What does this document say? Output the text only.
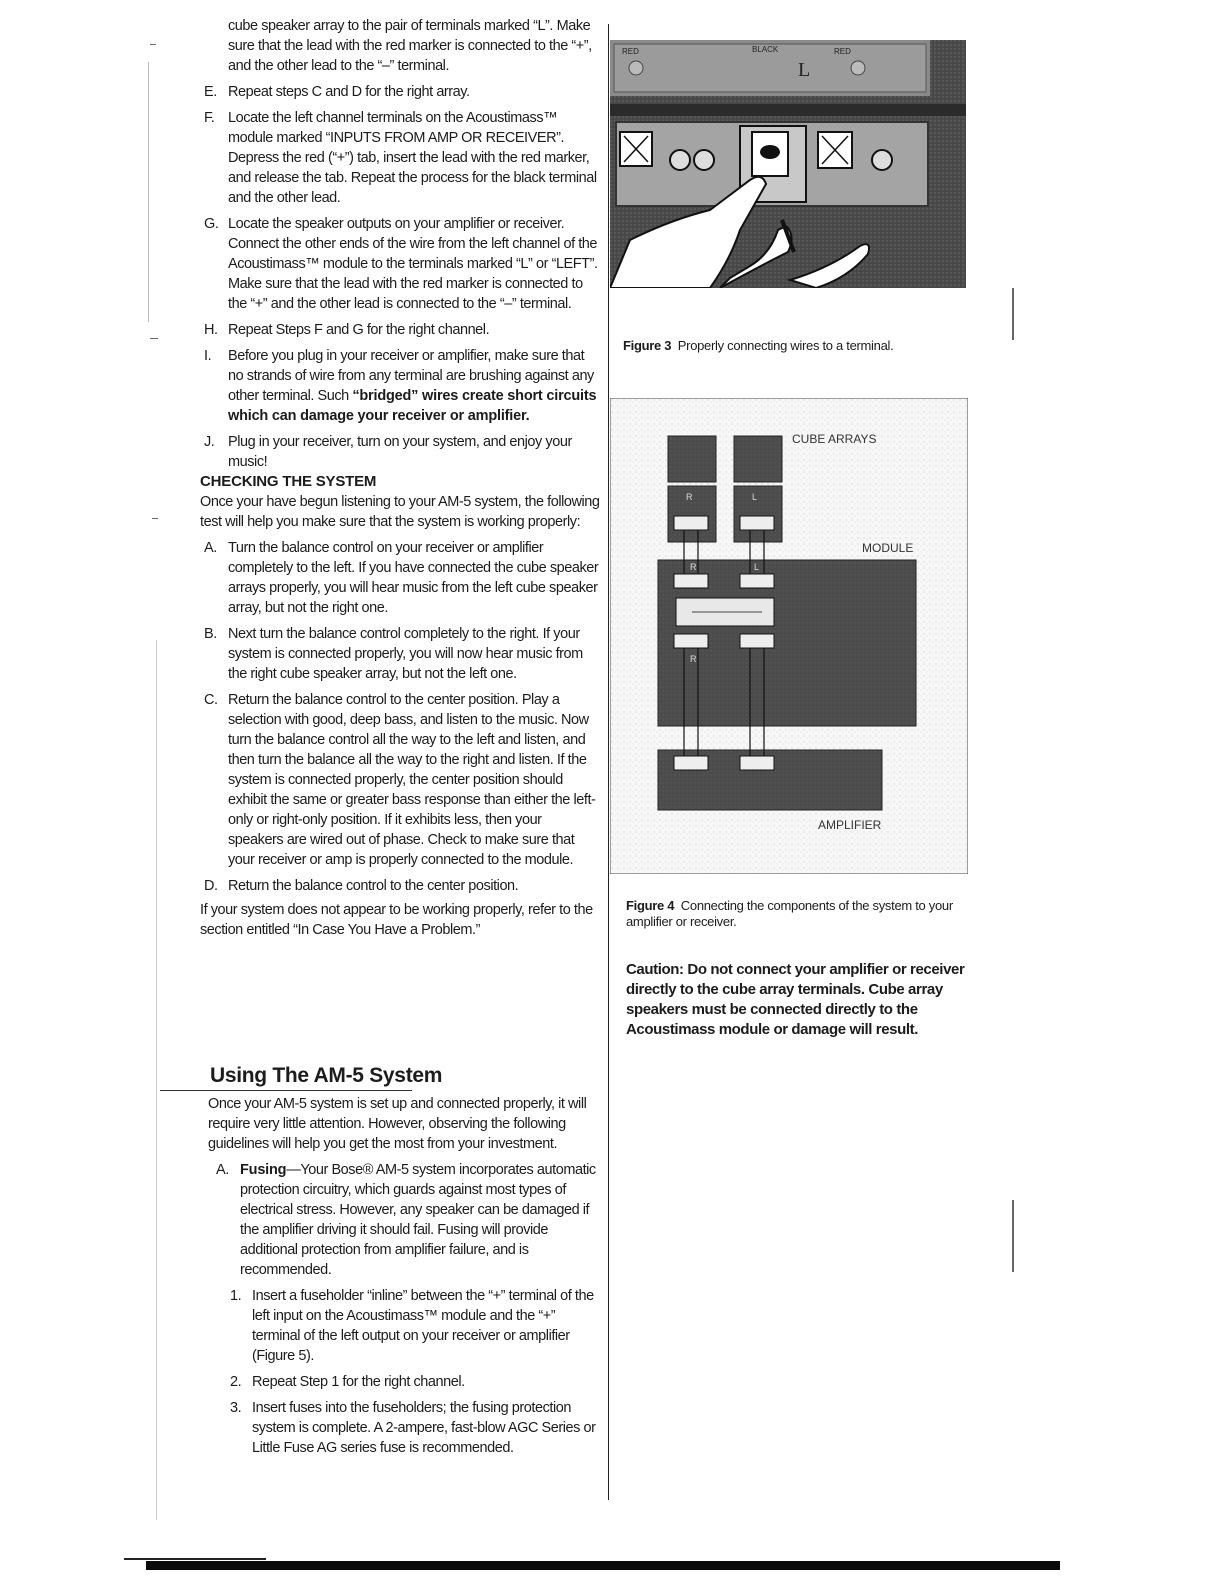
cube speaker array to the pair of terminals marked “L”. Make sure that the lead with the red marker is connected to the “+”, and the other lead to the “–” terminal.

E. Repeat steps C and D for the right array.
F. Locate the left channel terminals on the Acoustimass™ module marked “INPUTS FROM AMP OR RECEIVER”. Depress the red (“+”) tab, insert the lead with the red marker, and release the tab. Repeat the process for the black terminal and the other lead.
G. Locate the speaker outputs on your amplifier or receiver. Connect the other ends of the wire from the left channel of the Acoustimass™ module to the terminals marked “L” or “LEFT”. Make sure that the lead with the red marker is connected to the “+” and the other lead is connected to the “–” terminal.
H. Repeat Steps F and G for the right channel.
I.	Before you plug in your receiver or amplifier, make sure that no strands of wire from any terminal are brushing against any other terminal. Such “bridged” wires create short circuits which can damage your receiver or amplifier.
J. Plug in your receiver, turn on your system, and enjoy your music!

CHECKING THE SYSTEM

Once your have begun listening to your AM-5 system, the following test will help you make sure that the system is working properly:

A. Turn the balance control on your receiver or amplifier completely to the left. If you have connected the cube speaker arrays properly, you will hear music from the left cube speaker array, but not the right one.
B. Next turn the balance control completely to the right. If your system is connected properly, you will now hear music from the right cube speaker array, but not the left one.
C. Return the balance control to the center position. Play a selection with good, deep bass, and listen to the music. Now turn the balance control all the way to the left and listen, and then turn the balance all the way to the right and listen. If the system is connected properly, the center position should exhibit the same or greater bass response than either the left-only or right-only position. If it exhibits less, then your speakers are wired out of phase. Check to make sure that your receiver or amp is properly connected to the module.
D. Return the balance control to the center position.

If your system does not appear to be working properly, refer to the section entitled “In Case You Have a Problem.”

Using The AM-5 System

Once your AM-5 system is set up and connected properly, it will require very little attention. However, observing the following guidelines will help you get the most from your investment.

A. Fusing—Your Bose® AM-5 system incorporates automatic protection circuitry, which guards against most types of electrical stress. However, any speaker can be damaged if the amplifier driving it should fail. Fusing will provide additional protection from amplifier failure, and is recommended.
1. Insert a fuseholder “inline” between the “+” terminal of the left input on the Acoustimass™ module and the “+” terminal of the left output on your receiver or amplifier (Figure 5).
2. Repeat Step 1 for the right channel.
3. Insert fuses into the fuseholders; the fusing protection system is complete. A 2-ampere, fast-blow AGC Series or Little Fuse AG series fuse is recommended.
RED	BLACK	RED
L
Figure 3 Properly connecting wires to a terminal.
R	L
R	L
R
CUBE ARRAYS
MODULE
AMPLIFIER
Figure 4 Connecting the components of the system to your amplifier or receiver.
Caution: Do not connect your amplifier or receiver directly to the cube array terminals. Cube array speakers must be connected directly to the Acoustimass module or damage will result.
